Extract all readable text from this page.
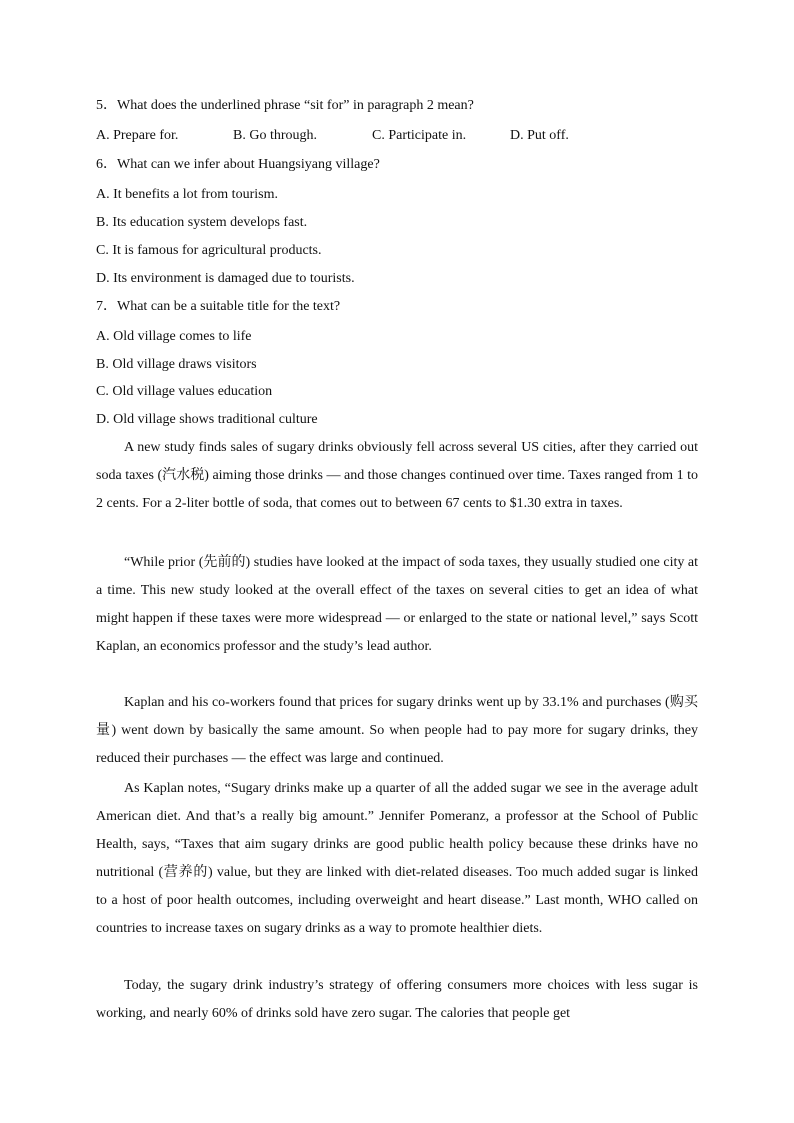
5．What does the underlined phrase “sit for” in paragraph 2 mean?
A. Prepare for.	B. Go through.	C. Participate in.	D. Put off.
6．What can we infer about Huangsiyang village?
A. It benefits a lot from tourism.
B. Its education system develops fast.
C. It is famous for agricultural products.
D. Its environment is damaged due to tourists.
7．What can be a suitable title for the text?
A. Old village comes to life
B. Old village draws visitors
C. Old village values education
D. Old village shows traditional culture

A new study finds sales of sugary drinks obviously fell across several US cities, after they carried out soda taxes (汽水税) aiming those drinks — and those changes continued over time. Taxes ranged from 1 to 2 cents. For a 2-liter bottle of soda, that comes out to between 67 cents to $1.30 extra in taxes.

“While prior (先前的) studies have looked at the impact of soda taxes, they usually studied one city at a time. This new study looked at the overall effect of the taxes on several cities to get an idea of what might happen if these taxes were more widespread — or enlarged to the state or national level,” says Scott Kaplan, an economics professor and the study’s lead author.

Kaplan and his co-workers found that prices for sugary drinks went up by 33.1% and purchases (购买量) went down by basically the same amount. So when people had to pay more for sugary drinks, they reduced their purchases — the effect was large and continued.

As Kaplan notes, “Sugary drinks make up a quarter of all the added sugar we see in the average adult American diet. And that’s a really big amount.” Jennifer Pomeranz, a professor at the School of Public Health, says, “Taxes that aim sugary drinks are good public health policy because these drinks have no nutritional (营养的) value, but they are linked with diet-related diseases. Too much added sugar is linked to a host of poor health outcomes, including overweight and heart disease.” Last month, WHO called on countries to increase taxes on sugary drinks as a way to promote healthier diets.

Today, the sugary drink industry’s strategy of offering consumers more choices with less sugar is working, and nearly 60% of drinks sold have zero sugar. The calories that people get
